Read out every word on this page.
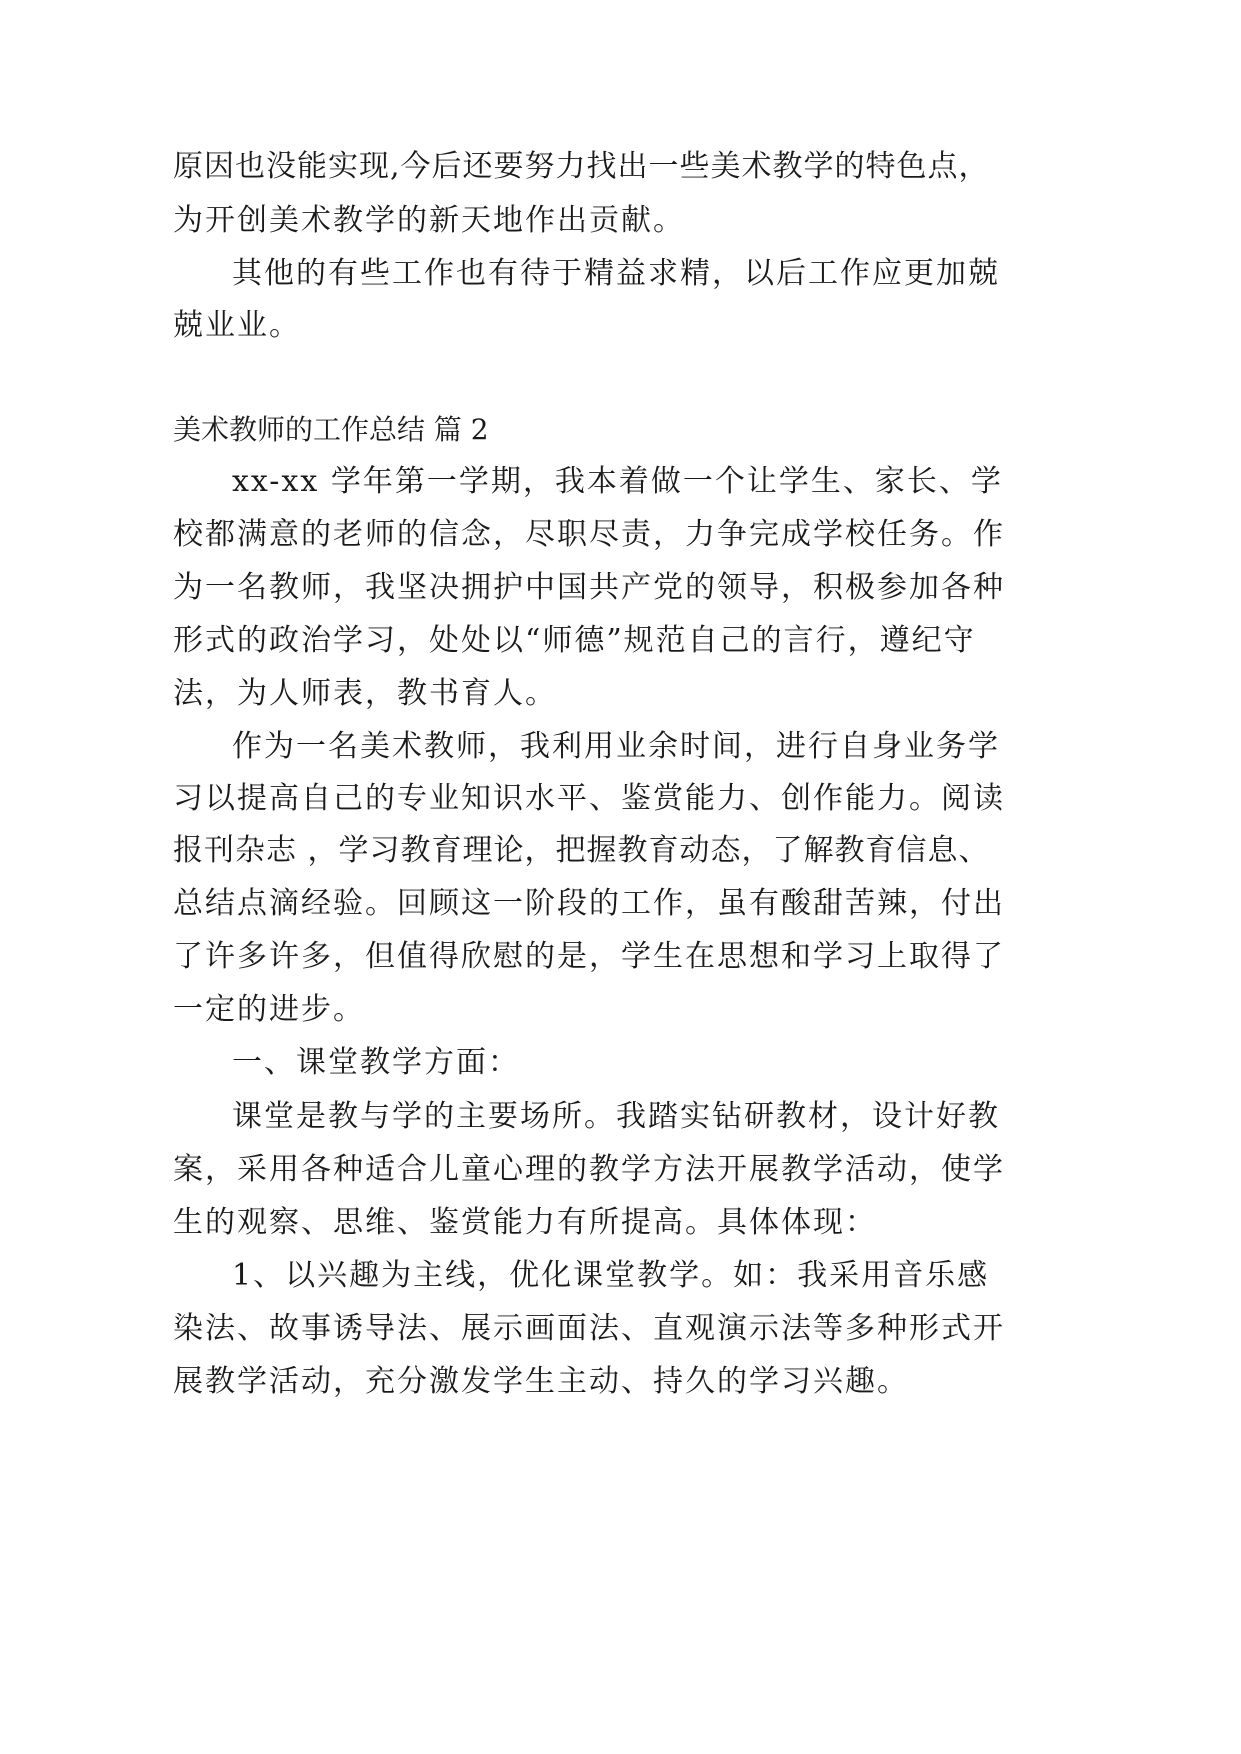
原因也没能实现,今后还要努力找出一些美术教学的特色点，
为开创美术教学的新天地作出贡献。
其他的有些工作也有待于精益求精，以后工作应更加兢
兢业业。
美术教师的工作总结 篇 2
xx-xx 学年第一学期，我本着做一个让学生、家长、学
校都满意的老师的信念，尽职尽责，力争完成学校任务。作
为一名教师，我坚决拥护中国共产党的领导，积极参加各种
形式的政治学习，处处以“师德”规范自己的言行，遵纪守
法，为人师表，教书育人。
作为一名美术教师，我利用业余时间，进行自身业务学
习以提高自己的专业知识水平、鉴赏能力、创作能力。阅读
报刊杂志 ，学习教育理论，把握教育动态，了解教育信息、
总结点滴经验。回顾这一阶段的工作，虽有酸甜苦辣，付出
了许多许多，但值得欣慰的是，学生在思想和学习上取得了
一定的进步。
一、课堂教学方面：
课堂是教与学的主要场所。我踏实钻研教材，设计好教
案，采用各种适合儿童心理的教学方法开展教学活动，使学
生的观察、思维、鉴赏能力有所提高。具体体现：
1、以兴趣为主线，优化课堂教学。如：我采用音乐感
染法、故事诱导法、展示画面法、直观演示法等多种形式开
展教学活动，充分激发学生主动、持久的学习兴趣。
